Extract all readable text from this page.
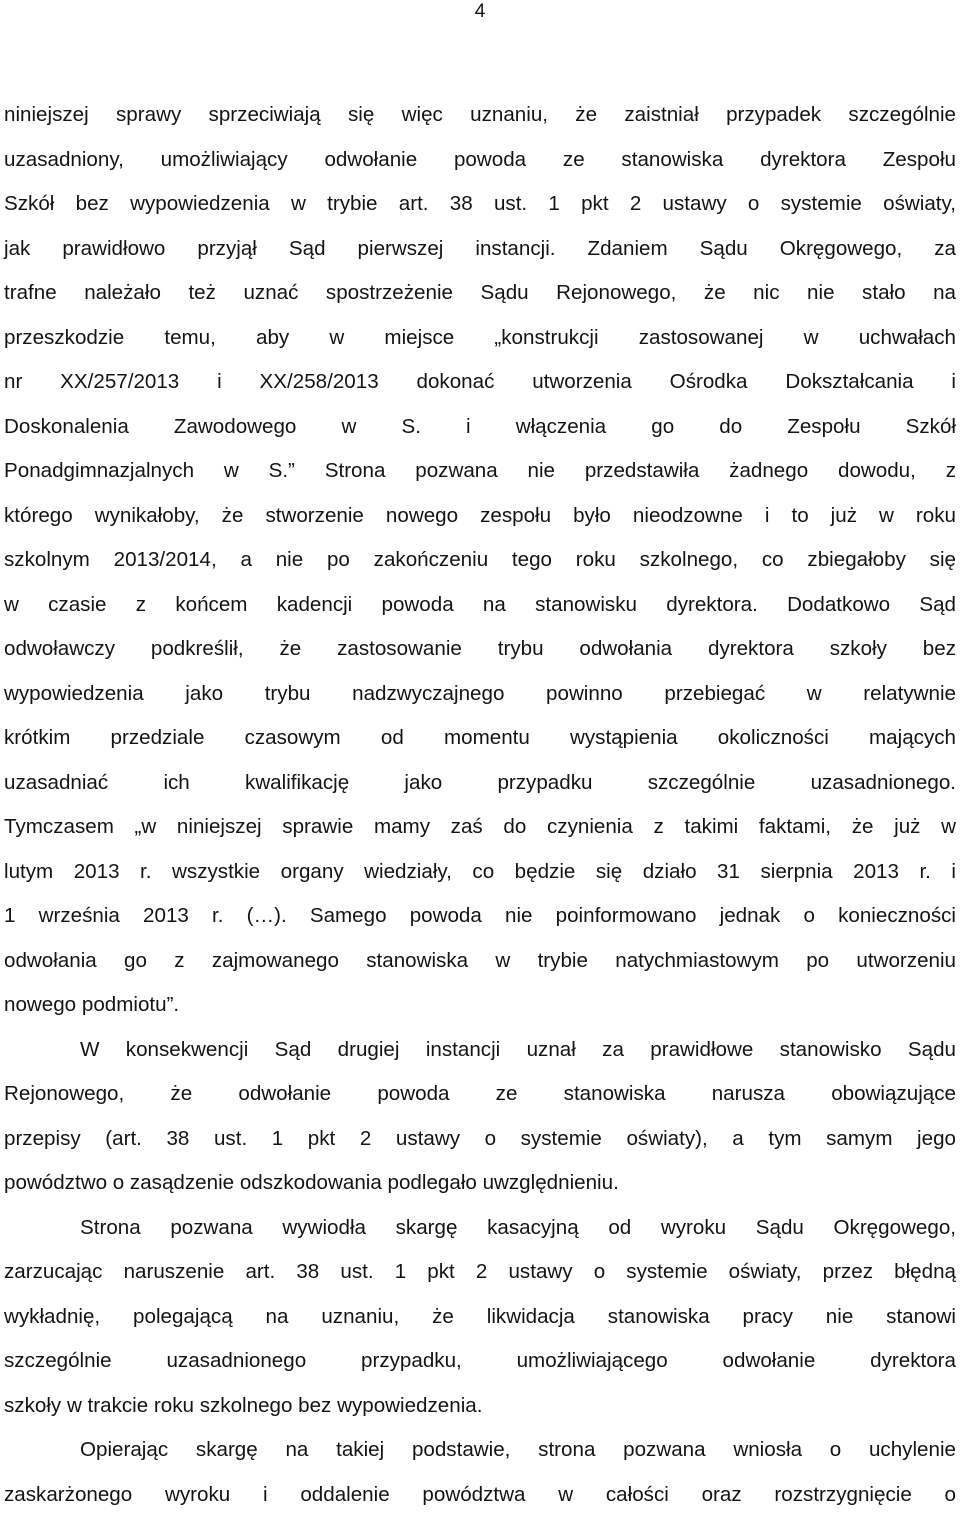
4
niniejszej sprawy sprzeciwiają się więc uznaniu, że zaistniał przypadek szczególnie
uzasadniony, umożliwiający odwołanie powoda ze stanowiska dyrektora Zespołu
Szkół bez wypowiedzenia w trybie art. 38 ust. 1 pkt 2 ustawy o systemie oświaty,
jak prawidłowo przyjął Sąd pierwszej instancji. Zdaniem Sądu Okręgowego, za
trafne należało też uznać spostrzeżenie Sądu Rejonowego, że nic nie stało na
przeszkodzie temu, aby w miejsce „konstrukcji zastosowanej w uchwałach
nr XX/257/2013 i XX/258/2013 dokonać utworzenia Ośrodka Dokształcania i
Doskonalenia Zawodowego w S. i włączenia go do Zespołu Szkół
Ponadgimnazjalnych w S.” Strona pozwana nie przedstawiła żadnego dowodu, z
którego wynikałoby, że stworzenie nowego zespołu było nieodzowne i to już w roku
szkolnym 2013/2014, a nie po zakończeniu tego roku szkolnego, co zbiegałoby się
w czasie z końcem kadencji powoda na stanowisku dyrektora. Dodatkowo Sąd
odwoławczy podkreślił, że zastosowanie trybu odwołania dyrektora szkoły bez
wypowiedzenia jako trybu nadzwyczajnego powinno przebiegać w relatywnie
krótkim przedziale czasowym od momentu wystąpienia okoliczności mających
uzasadniać ich kwalifikację jako przypadku szczególnie uzasadnionego.
Tymczasem „w niniejszej sprawie mamy zaś do czynienia z takimi faktami, że już w
lutym 2013 r. wszystkie organy wiedziały, co będzie się działo 31 sierpnia 2013 r. i
1 września 2013 r. (…). Samego powoda nie poinformowano jednak o konieczności
odwołania go z zajmowanego stanowiska w trybie natychmiastowym po utworzeniu
nowego podmiotu”.
W konsekwencji Sąd drugiej instancji uznał za prawidłowe stanowisko Sądu
Rejonowego, że odwołanie powoda ze stanowiska narusza obowiązujące
przepisy (art. 38 ust. 1 pkt 2 ustawy o systemie oświaty), a tym samym jego
powództwo o zasądzenie odszkodowania podlegało uwzględnieniu.
Strona pozwana wywiodła skargę kasacyjną od wyroku Sądu Okręgowego,
zarzucając naruszenie art. 38 ust. 1 pkt 2 ustawy o systemie oświaty, przez błędną
wykładnię, polegającą na uznaniu, że likwidacja stanowiska pracy nie stanowi
szczególnie uzasadnionego przypadku, umożliwiającego odwołanie dyrektora
szkoły w trakcie roku szkolnego bez wypowiedzenia.
Opierając skargę na takiej podstawie, strona pozwana wniosła o uchylenie
zaskarżonego wyroku i oddalenie powództwa w całości oraz rozstrzygnięcie o
